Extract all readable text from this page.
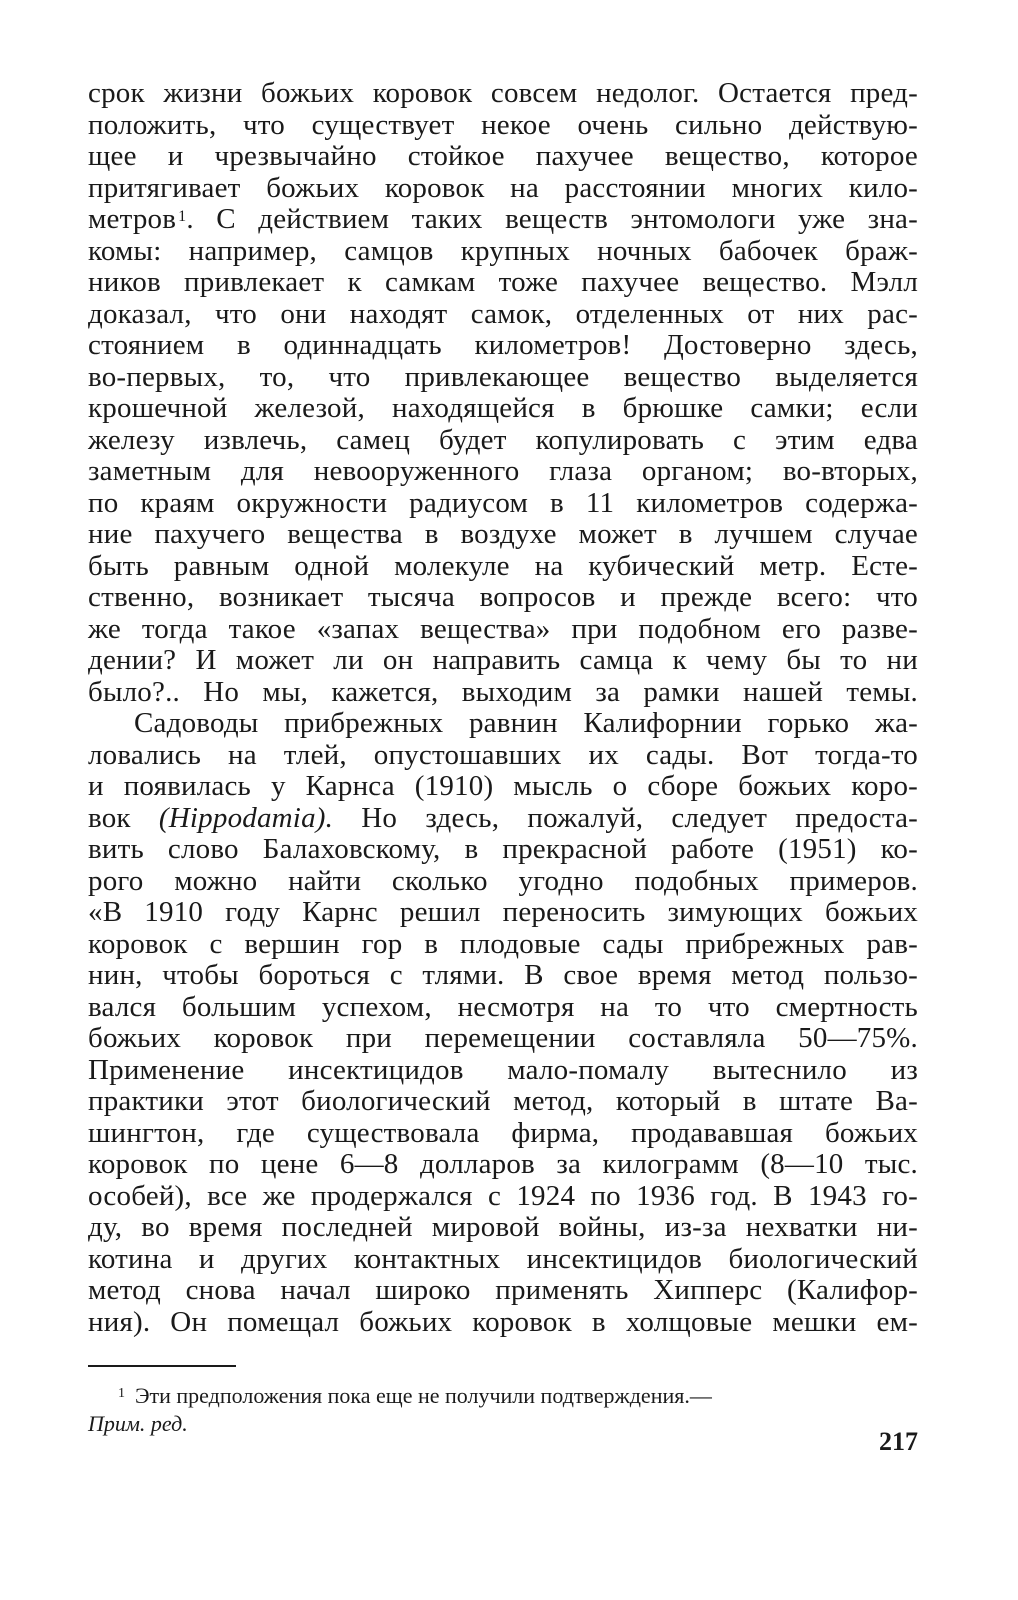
срок жизни божьих коровок совсем недолог. Остается пред-
положить, что существует некое очень сильно действую-
щее и чрезвычайно стойкое пахучее вещество, которое
притягивает божьих коровок на расстоянии многих кило-
метров $^1$. С действием таких веществ энтомологи уже зна-
комы: например, самцов крупных ночных бабочек браж-
ников привлекает к самкам тоже пахучее вещество. Мэлл
доказал, что они находят самок, отделенных от них рас-
стоянием в одиннадцать километров! Достоверно здесь,
во-первых, то, что привлекающее вещество выделяется
крошечной железой, находящейся в брюшке самки; если
железу извлечь, самец будет копулировать с этим едва
заметным для невооруженного глаза органом; во-вторых,
по краям окружности радиусом в 11 километров содержа-
ние пахучего вещества в воздухе может в лучшем случае
быть равным одной молекуле на кубический метр. Есте-
ственно, возникает тысяча вопросов и прежде всего: что
же тогда такое «запах вещества» при подобном его разве-
дении? И может ли он направить самца к чему бы то ни
было?.. Но мы, кажется, выходим за рамки нашей темы.
Садоводы прибрежных равнин Калифорнии горько жа-
ловались на тлей, опустошавших их сады. Вот тогда-то
и появилась у Карнса (1910) мысль о сборе божьих коро-
вок (Hippodamia). Но здесь, пожалуй, следует предоста-
вить слово Балаховскому, в прекрасной работе (1951) ко-
рого можно найти сколько угодно подобных примеров.
«В 1910 году Карнс решил переносить зимующих божьих
коровок с вершин гор в плодовые сады прибрежных рав-
нин, чтобы бороться с тлями. В свое время метод пользо-
вался большим успехом, несмотря на то что смертность
божьих коровок при перемещении составляла 50—75%.
Применение инсектицидов мало-помалу вытеснило из
практики этот биологический метод, который в штате Ва-
шингтон, где существовала фирма, продававшая божьих
коровок по цене 6—8 долларов за килограмм (8—10 тыс.
особей), все же продержался с 1924 по 1936 год. В 1943 го-
ду, во время последней мировой войны, из-за нехватки ни-
котина и других контактных инсектицидов биологический
метод снова начал широко применять Хипперс (Калифор-
ния). Он помещал божьих коровок в холщовые мешки ем-
$^1$ Эти предположения пока еще не получили подтверждения.—
Прим. ред.
217
